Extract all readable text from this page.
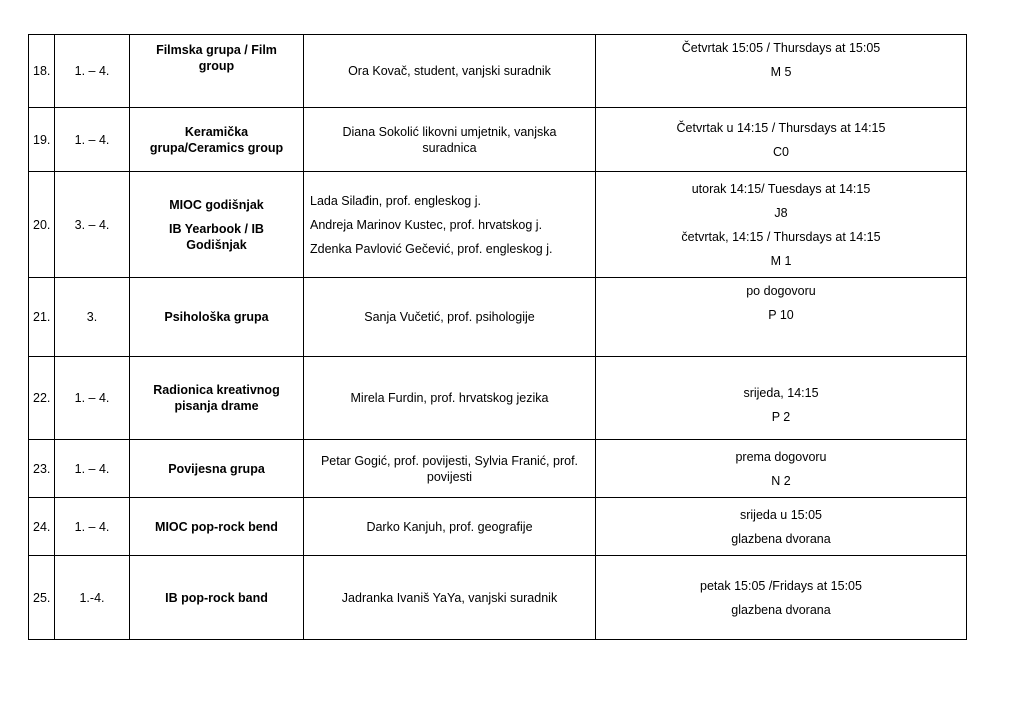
18.	1. – 4.	Filmska grupa / Film
group	Ora Kovač, student, vanjski suradnik	Četvrtak 15:05 / Thursdays at 15:05
M 5

19.	1. – 4.	Keramička
grupa/Ceramics group	Diana Sokolić likovni umjetnik, vanjska
suradnica	Četvrtak u 14:15 / Thursdays at 14:15
C0

20.	3. – 4.	MIOC godišnjak
IB Yearbook / IB
Godišnjak	Lada Silađin, prof. engleskog j.
Andreja Marinov Kustec, prof. hrvatskog j.
Zdenka Pavlović Gečević, prof. engleskog j.	utorak 14:15/ Tuesdays at 14:15
J8
četvrtak, 14:15 / Thursdays at 14:15
M 1

21.	3.	Psihološka grupa	Sanja Vučetić, prof. psihologije	po dogovoru
P 10

22.	1. – 4.	Radionica kreativnog
pisanja drame	Mirela Furdin, prof. hrvatskog jezika	srijeda, 14:15
P 2

23.	1. – 4.	Povijesna grupa	Petar Gogić, prof. povijesti, Sylvia Franić, prof.
povijesti	prema dogovoru
N 2

24.	1. – 4.	MIOC pop-rock bend	Darko Kanjuh, prof. geografije	srijeda u 15:05
glazbena dvorana

25.	1.-4.	IB pop-rock band	Jadranka Ivaniš YaYa, vanjski suradnik	petak 15:05 /Fridays at 15:05
glazbena dvorana
